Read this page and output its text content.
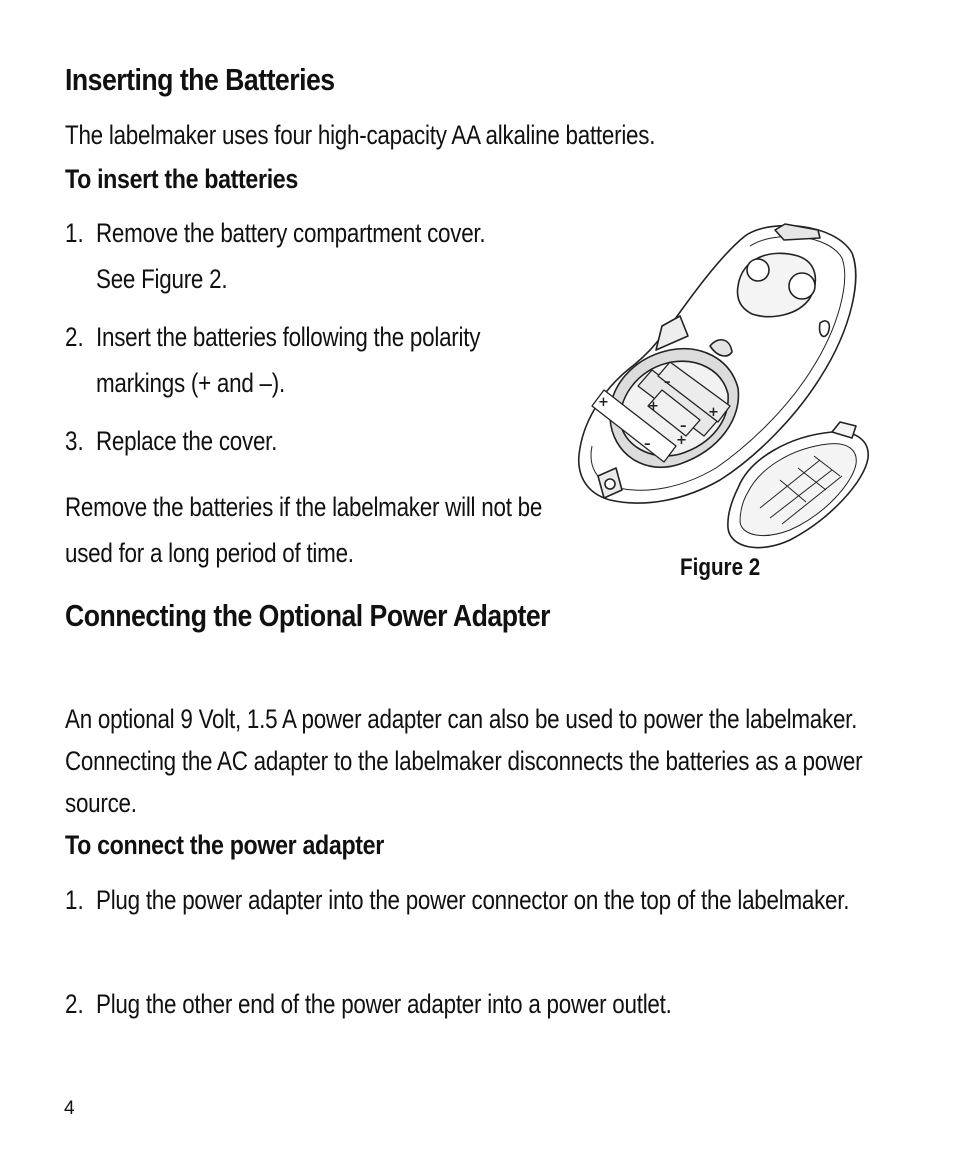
Inserting the Batteries

The labelmaker uses four high-capacity AA alkaline batteries.

To insert the batteries
1. Remove the battery compartment cover. See Figure 2.
2. Insert the batteries following the polarity markings (+ and –).
3. Replace the cover.

Remove the batteries if the labelmaker will not be used for a long period of time.

+	+
–
+
–
– +

Figure 2

Connecting the Optional Power Adapter

An optional 9 Volt, 1.5 A power adapter can also be used to power the labelmaker. Connecting the AC adapter to the labelmaker disconnects the batteries as a power source.

To connect the power adapter
1. Plug the power adapter into the power connector on the top of the labelmaker.
2. Plug the other end of the power adapter into a power outlet.

4
